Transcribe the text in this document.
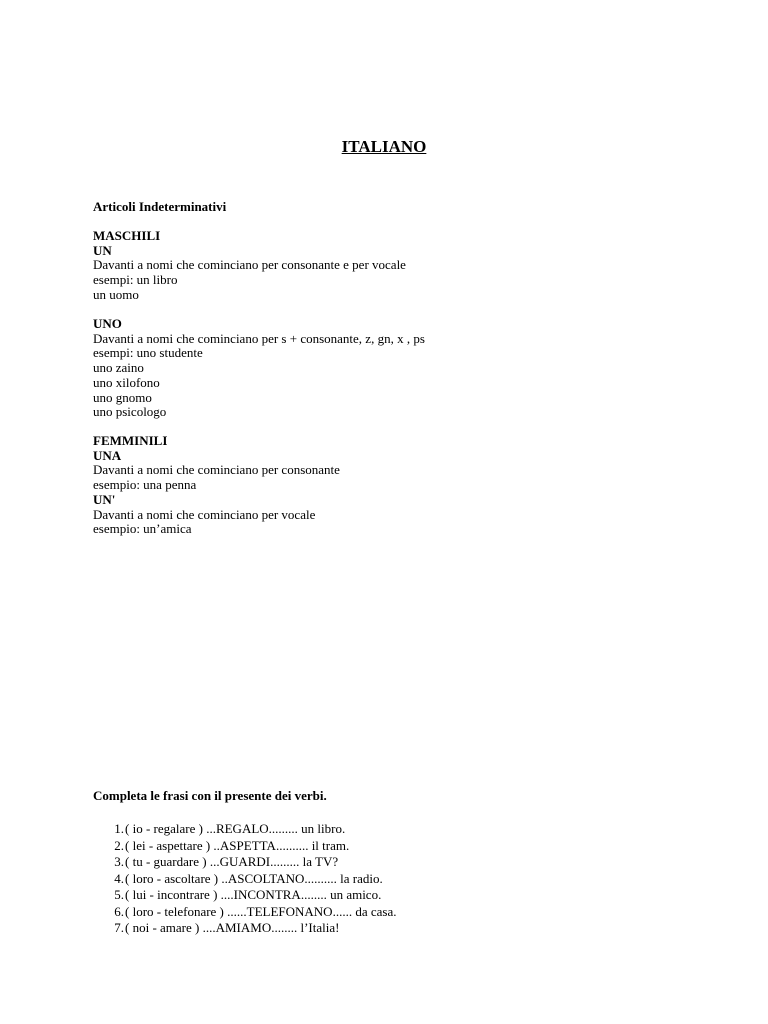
ITALIANO
Articoli Indeterminativi
MASCHILI
UN
Davanti a nomi che cominciano per consonante e per vocale
esempi: un libro
un uomo
UNO
Davanti a nomi che cominciano per s + consonante, z, gn, x , ps
esempi: uno studente
uno zaino
uno xilofono
uno gnomo
uno psicologo
FEMMINILI
UNA
Davanti a nomi che cominciano per consonante
esempio: una penna
UN'
Davanti a nomi che cominciano per vocale
esempio: un’amica
Completa le frasi con il presente dei verbi.
1. ( io - regalare ) ...REGALO......... un libro.
2. ( lei - aspettare ) ..ASPETTA.......... il tram.
3. ( tu - guardare ) ...GUARDI......... la TV?
4. ( loro - ascoltare ) ..ASCOLTANO.......... la radio.
5. ( lui - incontrare ) ....INCONTRA........ un amico.
6. ( loro - telefonare ) ......TELEFONANO...... da casa.
7. ( noi - amare ) ....AMIAMO........ l’Italia!
